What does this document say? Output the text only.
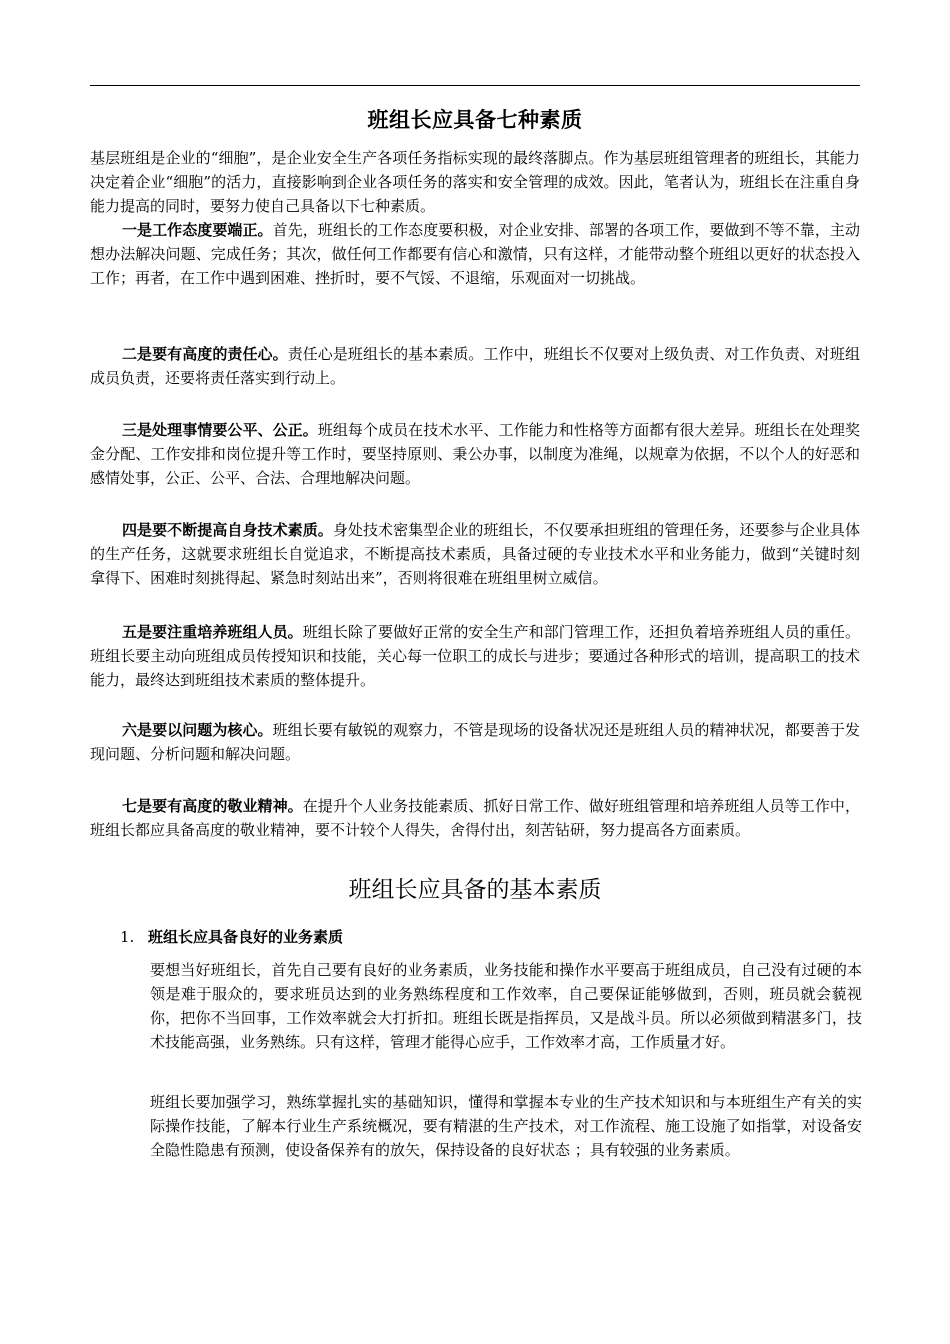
班组长应具备七种素质

基层班组是企业的“细胞”，是企业安全生产各项任务指标实现的最终落脚点。作为基层班组管理者的班组长，其能力决定着企业“细胞”的活力，直接影响到企业各项任务的落实和安全管理的成效。因此，笔者认为，班组长在注重自身能力提高的同时，要努力使自己具备以下七种素质。

一是工作态度要端正。首先，班组长的工作态度要积极，对企业安排、部署的各项工作，要做到不等不靠，主动想办法解决问题、完成任务；其次，做任何工作都要有信心和激情，只有这样，才能带动整个班组以更好的状态投入工作；再者，在工作中遇到困难、挫折时，要不气馁、不退缩，乐观面对一切挑战。

二是要有高度的责任心。责任心是班组长的基本素质。工作中，班组长不仅要对上级负责、对工作负责、对班组成员负责，还要将责任落实到行动上。

三是处理事情要公平、公正。班组每个成员在技术水平、工作能力和性格等方面都有很大差异。班组长在处理奖金分配、工作安排和岗位提升等工作时，要坚持原则、秉公办事，以制度为准绳，以规章为依据，不以个人的好恶和感情处事，公正、公平、合法、合理地解决问题。

四是要不断提高自身技术素质。身处技术密集型企业的班组长，不仅要承担班组的管理任务，还要参与企业具体的生产任务，这就要求班组长自觉追求，不断提高技术素质，具备过硬的专业技术水平和业务能力，做到“关键时刻拿得下、困难时刻挑得起、紧急时刻站出来”，否则将很难在班组里树立威信。

五是要注重培养班组人员。班组长除了要做好正常的安全生产和部门管理工作，还担负着培养班组人员的重任。班组长要主动向班组成员传授知识和技能，关心每一位职工的成长与进步；要通过各种形式的培训，提高职工的技术能力，最终达到班组技术素质的整体提升。

六是要以问题为核心。班组长要有敏锐的观察力，不管是现场的设备状况还是班组人员的精神状况，都要善于发现问题、分析问题和解决问题。

七是要有高度的敬业精神。在提升个人业务技能素质、抓好日常工作、做好班组管理和培养班组人员等工作中，班组长都应具备高度的敬业精神，要不计较个人得失，舍得付出，刻苦钻研，努力提高各方面素质。

班组长应具备的基本素质
1. 班组长应具备良好的业务素质

要想当好班组长，首先自己要有良好的业务素质，业务技能和操作水平要高于班组成员，自己没有过硬的本领是难于服众的，要求班员达到的业务熟练程度和工作效率，自己要保证能够做到，否则，班员就会藐视你，把你不当回事，工作效率就会大打折扣。班组长既是指挥员，又是战斗员。所以必须做到精湛多门，技术技能高强，业务熟练。只有这样，管理才能得心应手，工作效率才高，工作质量才好。

班组长要加强学习，熟练掌握扎实的基础知识，懂得和掌握本专业的生产技术知识和与本班组生产有关的实际操作技能，了解本行业生产系统概况，要有精湛的生产技术，对工作流程、施工设施了如指掌，对设备安全隐性隐患有预测，使设备保养有的放矢，保持设备的良好状态 ；具有较强的业务素质。
